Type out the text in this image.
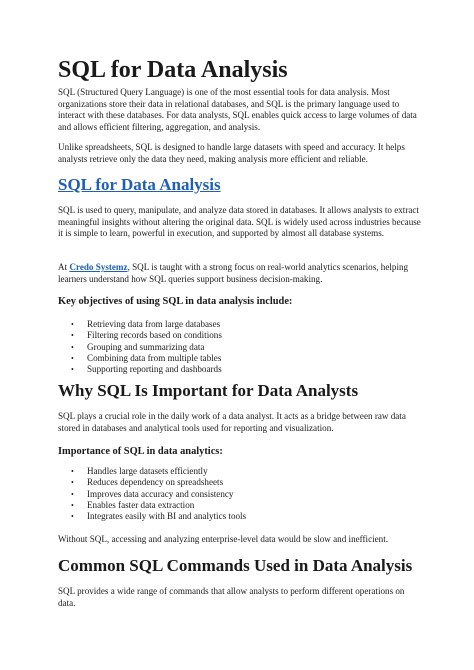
SQL for Data Analysis

SQL (Structured Query Language) is one of the most essential tools for data analysis. Most organizations store their data in relational databases, and SQL is the primary language used to interact with these databases. For data analysts, SQL enables quick access to large volumes of data and allows efficient filtering, aggregation, and analysis.

Unlike spreadsheets, SQL is designed to handle large datasets with speed and accuracy. It helps analysts retrieve only the data they need, making analysis more efficient and reliable.

SQL for Data Analysis

SQL is used to query, manipulate, and analyze data stored in databases. It allows analysts to extract meaningful insights without altering the original data. SQL is widely used across industries because it is simple to learn, powerful in execution, and supported by almost all database systems.

At Credo Systemz, SQL is taught with a strong focus on real-world analytics scenarios, helping learners understand how SQL queries support business decision-making.

Key objectives of using SQL in data analysis include:
• Retrieving data from large databases
• Filtering records based on conditions
• Grouping and summarizing data
• Combining data from multiple tables
• Supporting reporting and dashboards
Why SQL Is Important for Data Analysts

SQL plays a crucial role in the daily work of a data analyst. It acts as a bridge between raw data stored in databases and analytical tools used for reporting and visualization.

Importance of SQL in data analytics:
• Handles large datasets efficiently
• Reduces dependency on spreadsheets
• Improves data accuracy and consistency
• Enables faster data extraction
• Integrates easily with BI and analytics tools

Without SQL, accessing and analyzing enterprise-level data would be slow and inefficient.

Common SQL Commands Used in Data Analysis

SQL provides a wide range of commands that allow analysts to perform different operations on data.
